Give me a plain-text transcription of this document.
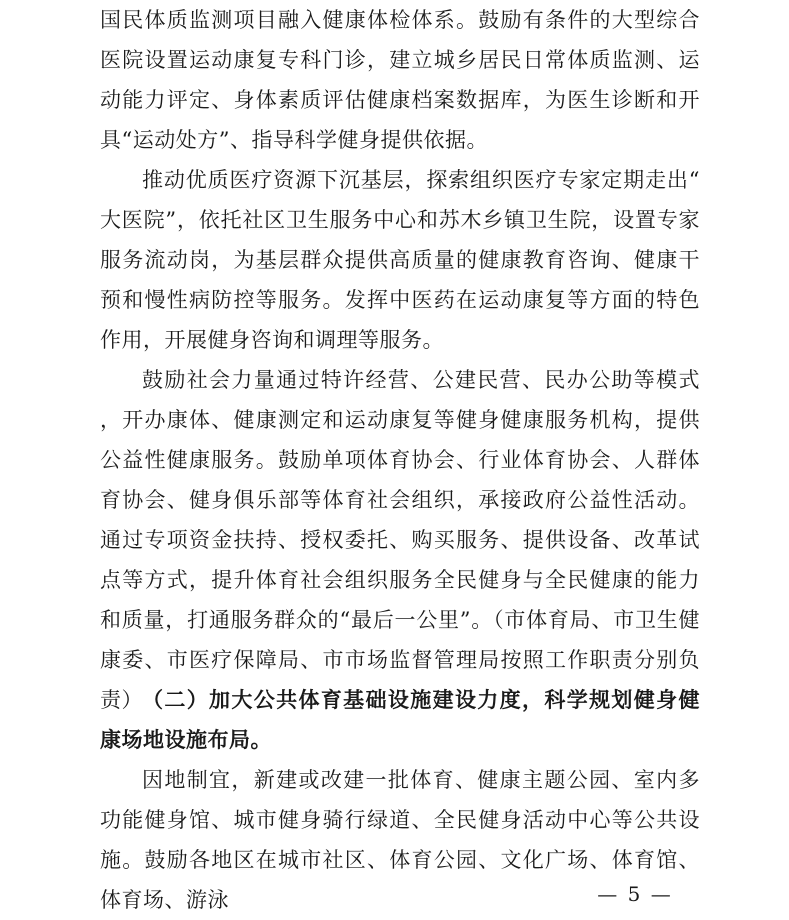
国民体质监测项目融入健康体检体系。鼓励有条件的大型综合医院设置运动康复专科门诊，建立城乡居民日常体质监测、运动能力评定、身体素质评估健康档案数据库，为医生诊断和开具“运动处方”、指导科学健身提供依据。

推动优质医疗资源下沉基层，探索组织医疗专家定期走出“大医院”，依托社区卫生服务中心和苏木乡镇卫生院，设置专家服务流动岗，为基层群众提供高质量的健康教育咨询、健康干预和慢性病防控等服务。发挥中医药在运动康复等方面的特色作用，开展健身咨询和调理等服务。

鼓励社会力量通过特许经营、公建民营、民办公助等模式，开办康体、健康测定和运动康复等健身健康服务机构，提供公益性健康服务。鼓励单项体育协会、行业体育协会、人群体育协会、健身俱乐部等体育社会组织，承接政府公益性活动。通过专项资金扶持、授权委托、购买服务、提供设备、改革试点等方式，提升体育社会组织服务全民健身与全民健康的能力和质量，打通服务群众的“最后一公里”。（市体育局、市卫生健康委、市医疗保障局、市市场监督管理局按照工作职责分别负责） （二）加大公共体育基础设施建设力度，科学规划健身健康场地设施布局。

因地制宜，新建或改建一批体育、健康主题公园、室内多功能健身馆、城市健身骑行绿道、全民健身活动中心等公共设施。鼓励各地区在城市社区、体育公园、文化广场、体育馆、体育场、游泳	— 5 —
